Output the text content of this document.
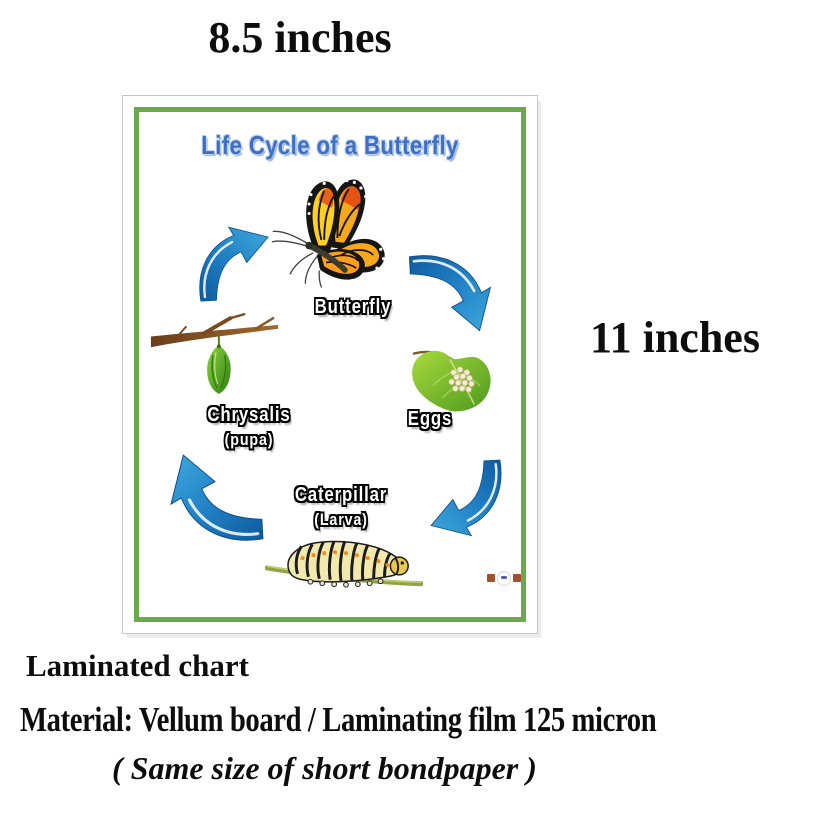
8.5 inches
11 inches
Life Cycle of a Butterfly
Butterfly
Eggs
Chrysalis
(pupa)
Caterpillar
(Larva)
Laminated chart
Material: Vellum board / Laminating film 125 micron
( Same size of short bondpaper )
